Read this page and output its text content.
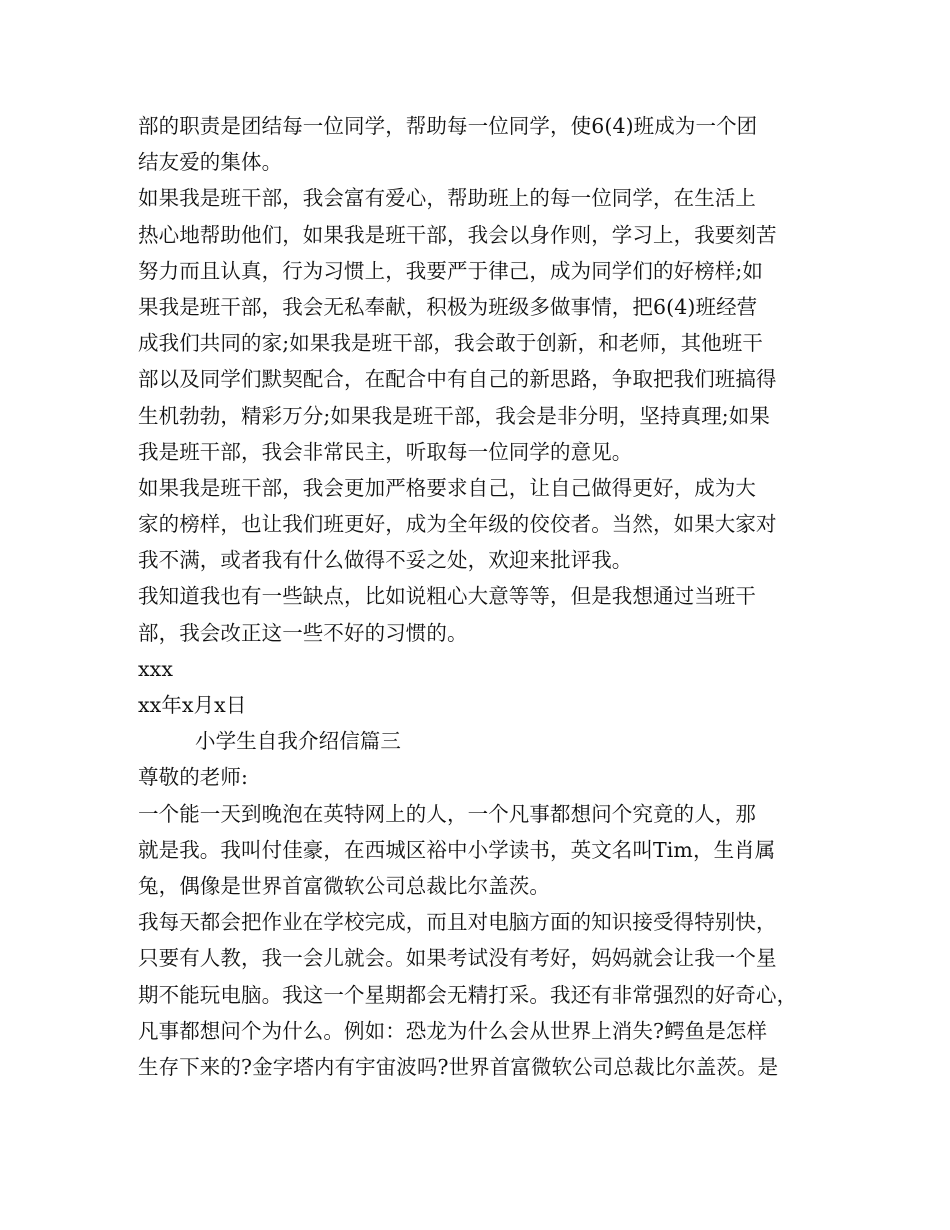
部的职责是团结每一位同学，帮助每一位同学，使6(4)班成为一个团
结友爱的集体。
如果我是班干部，我会富有爱心，帮助班上的每一位同学，在生活上
热心地帮助他们，如果我是班干部，我会以身作则，学习上，我要刻苦
努力而且认真，行为习惯上，我要严于律己，成为同学们的好榜样;如
果我是班干部，我会无私奉献，积极为班级多做事情，把6(4)班经营
成我们共同的家;如果我是班干部，我会敢于创新，和老师，其他班干
部以及同学们默契配合，在配合中有自己的新思路，争取把我们班搞得
生机勃勃，精彩万分;如果我是班干部，我会是非分明，坚持真理;如果
我是班干部，我会非常民主，听取每一位同学的意见。
如果我是班干部，我会更加严格要求自己，让自己做得更好，成为大
家的榜样，也让我们班更好，成为全年级的佼佼者。当然，如果大家对
我不满，或者我有什么做得不妥之处，欢迎来批评我。
我知道我也有一些缺点，比如说粗心大意等等，但是我想通过当班干
部，我会改正这一些不好的习惯的。
xxx
xx年x月x日
小学生自我介绍信篇三
尊敬的老师:
一个能一天到晚泡在英特网上的人，一个凡事都想问个究竟的人，那
就是我。我叫付佳豪，在西城区裕中小学读书，英文名叫Tim，生肖属
兔，偶像是世界首富微软公司总裁比尔盖茨。
我每天都会把作业在学校完成，而且对电脑方面的知识接受得特别快，
只要有人教，我一会儿就会。如果考试没有考好，妈妈就会让我一个星
期不能玩电脑。我这一个星期都会无精打采。我还有非常强烈的好奇心，
凡事都想问个为什么。例如：恐龙为什么会从世界上消失?鳄鱼是怎样
生存下来的?金字塔内有宇宙波吗?世界首富微软公司总裁比尔盖茨。是
